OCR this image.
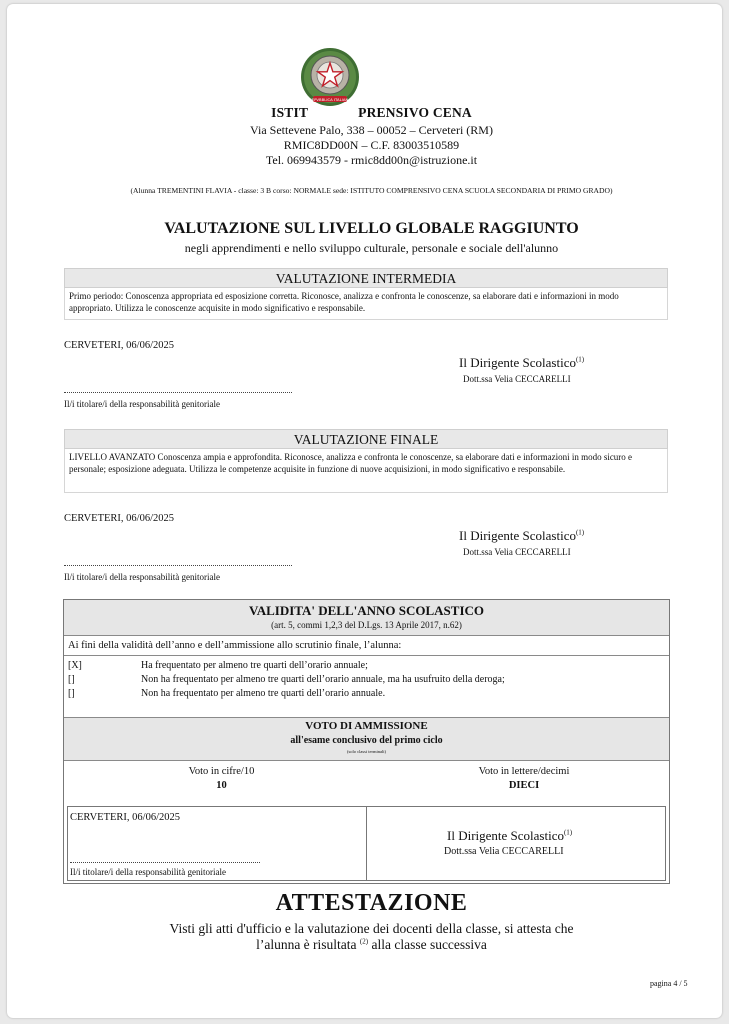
REPVBBLICA ITALIANA
ISTIT	PRENSIVO CENA
Via Settevene Palo, 338 – 00052 – Cerveteri (RM)
RMIC8DD00N – C.F. 83003510589
Tel. 069943579 - rmic8dd00n@istruzione.it
(Alunna TREMENTINI FLAVIA - classe: 3 B corso: NORMALE sede: ISTITUTO COMPRENSIVO CENA SCUOLA SECONDARIA DI PRIMO GRADO)
VALUTAZIONE SUL LIVELLO GLOBALE RAGGIUNTO
negli apprendimenti e nello sviluppo culturale, personale e sociale dell'alunno
VALUTAZIONE INTERMEDIA
Primo periodo: Conoscenza appropriata ed esposizione corretta. Riconosce, analizza e confronta le conoscenze, sa elaborare dati e informazioni in modo appropriato. Utilizza le conoscenze acquisite in modo significativo e responsabile.
CERVETERI, 06/06/2025
Il Dirigente Scolastico$^{(1)}$
Dott.ssa Velia CECCARELLI
Il/i titolare/i della responsabilità genitoriale
VALUTAZIONE FINALE
LIVELLO AVANZATO Conoscenza ampia e approfondita. Riconosce, analizza e confronta le conoscenze, sa elaborare dati e informazioni in modo sicuro e personale; esposizione adeguata. Utilizza le competenze acquisite in funzione di nuove acquisizioni, in modo significativo e responsabile.
CERVETERI, 06/06/2025
Il Dirigente Scolastico$^{(1)}$
Dott.ssa Velia CECCARELLI
Il/i titolare/i della responsabilità genitoriale
VALIDITA' DELL'ANNO SCOLASTICO
(art. 5, commi 1,2,3 del D.Lgs. 13 Aprile 2017, n.62)
Ai fini della validità dell’anno e dell’ammissione allo scrutinio finale, l’alunna:
[X]	Ha frequentato per almeno tre quarti dell’orario annuale;
[]	Non ha frequentato per almeno tre quarti dell’orario annuale, ma ha usufruito della deroga;
[]	Non ha frequentato per almeno tre quarti dell’orario annuale.
VOTO DI AMMISSIONE
all'esame conclusivo del primo ciclo
(solo classi terminali)
Voto in cifre/10
10
Voto in lettere/decimi
DIECI
CERVETERI, 06/06/2025
Il/i titolare/i della responsabilità genitoriale
Il Dirigente Scolastico$^{(1)}$
Dott.ssa Velia CECCARELLI
ATTESTAZIONE
Visti gli atti d'ufficio e la valutazione dei docenti della classe, si attesta che
l’alunna è risultata $^{(2)}$ alla classe successiva
pagina 4 / 5
